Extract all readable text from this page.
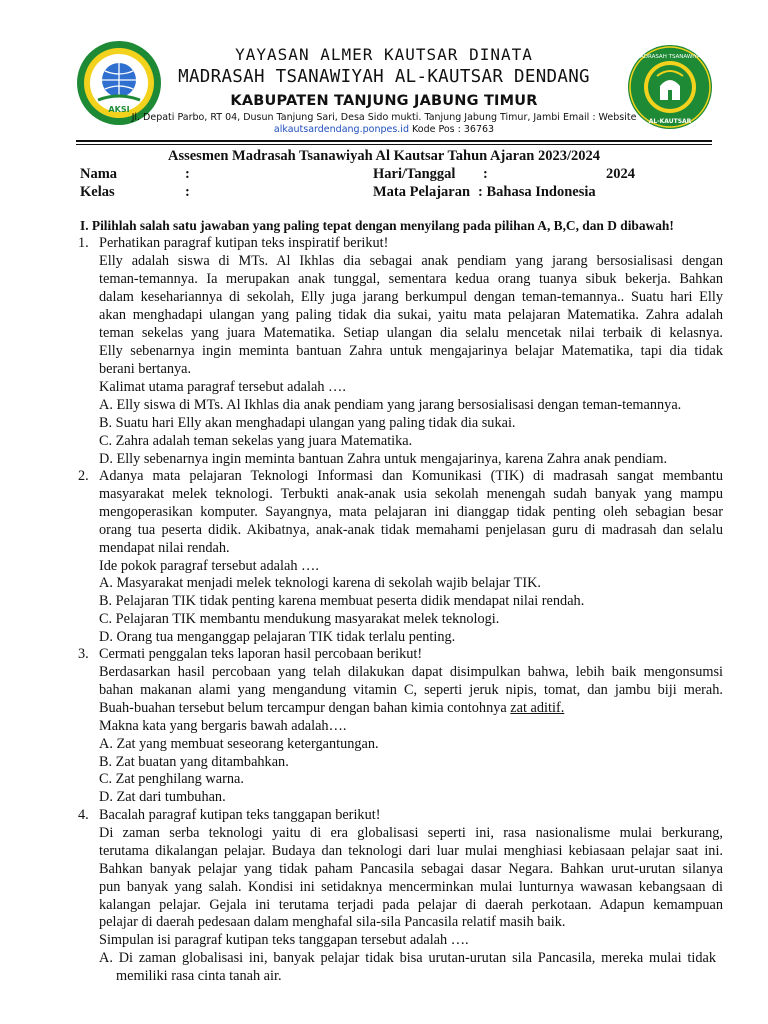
AKSI
MADRASAH TSANAWIYAH
AL-KAUTSAR
YAYASAN ALMER KAUTSAR DINATA
MADRASAH TSANAWIYAH AL-KAUTSAR DENDANG
KABUPATEN TANJUNG JABUNG TIMUR
Jl. Depati Parbo, RT 04, Dusun Tanjung Sari, Desa Sido mukti. Tanjung Jabung Timur, Jambi Email : Website
alkautsardendang.ponpes.id Kode Pos : 36763
Assesmen Madrasah Tsanawiyah Al Kautsar Tahun Ajaran 2023/2024
Nama	:	Hari/Tanggal :	2024
Kelas	:	Mata Pelajaran : Bahasa Indonesia
I. Pilihlah salah satu jawaban yang paling tepat dengan menyilang pada pilihan A, B,C, dan D dibawah!
1. Perhatikan paragraf kutipan teks inspiratif berikut!
Elly adalah siswa di MTs. Al Ikhlas dia sebagai anak pendiam yang jarang bersosialisasi dengan
teman-temannya. Ia merupakan anak tunggal, sementara kedua orang tuanya sibuk bekerja. Bahkan
dalam kesehariannya di sekolah, Elly juga jarang berkumpul dengan teman-temannya.. Suatu hari Elly
akan menghadapi ulangan yang paling tidak dia sukai, yaitu mata pelajaran Matematika. Zahra adalah
teman sekelas yang juara Matematika. Setiap ulangan dia selalu mencetak nilai terbaik di kelasnya.
Elly sebenarnya ingin meminta bantuan Zahra untuk mengajarinya belajar Matematika, tapi dia tidak
berani bertanya.
Kalimat utama paragraf tersebut adalah ….
A. Elly siswa di MTs. Al Ikhlas dia anak pendiam yang jarang bersosialisasi dengan teman-temannya.
B. Suatu hari Elly akan menghadapi ulangan yang paling tidak dia sukai.
C. Zahra adalah teman sekelas yang juara Matematika.
D. Elly sebenarnya ingin meminta bantuan Zahra untuk mengajarinya, karena Zahra anak pendiam.
2. Adanya mata pelajaran Teknologi Informasi dan Komunikasi (TIK) di madrasah sangat membantu
masyarakat melek teknologi. Terbukti anak-anak usia sekolah menengah sudah banyak yang mampu
mengoperasikan komputer. Sayangnya, mata pelajaran ini dianggap tidak penting oleh sebagian besar
orang tua peserta didik. Akibatnya, anak-anak tidak memahami penjelasan guru di madrasah dan selalu
mendapat nilai rendah.
Ide pokok paragraf tersebut adalah ….
A. Masyarakat menjadi melek teknologi karena di sekolah wajib belajar TIK.
B. Pelajaran TIK tidak penting karena membuat peserta didik mendapat nilai rendah.
C. Pelajaran TIK membantu mendukung masyarakat melek teknologi.
D. Orang tua menganggap pelajaran TIK tidak terlalu penting.
3. Cermati penggalan teks laporan hasil percobaan berikut!
Berdasarkan hasil percobaan yang telah dilakukan dapat disimpulkan bahwa, lebih baik mengonsumsi
bahan makanan alami yang mengandung vitamin C, seperti jeruk nipis, tomat, dan jambu biji merah.
Buah-buahan tersebut belum tercampur dengan bahan kimia contohnya zat aditif.
Makna kata yang bergaris bawah adalah….
A. Zat yang membuat seseorang ketergantungan.
B. Zat buatan yang ditambahkan.
C. Zat penghilang warna.
D. Zat dari tumbuhan.
4. Bacalah paragraf kutipan teks tanggapan berikut!
Di zaman serba teknologi yaitu di era globalisasi seperti ini, rasa nasionalisme mulai berkurang,
terutama dikalangan pelajar. Budaya dan teknologi dari luar mulai menghiasi kebiasaan pelajar saat ini.
Bahkan banyak pelajar yang tidak paham Pancasila sebagai dasar Negara. Bahkan urut-urutan silanya
pun banyak yang salah. Kondisi ini setidaknya mencerminkan mulai lunturnya wawasan kebangsaan di
kalangan pelajar. Gejala ini terutama terjadi pada pelajar di daerah perkotaan. Adapun kemampuan
pelajar di daerah pedesaan dalam menghafal sila-sila Pancasila relatif masih baik.
Simpulan isi paragraf kutipan teks tanggapan tersebut adalah ….
A. Di zaman globalisasi ini, banyak pelajar tidak bisa urutan-urutan sila Pancasila, mereka mulai tidak
memiliki rasa cinta tanah air.
